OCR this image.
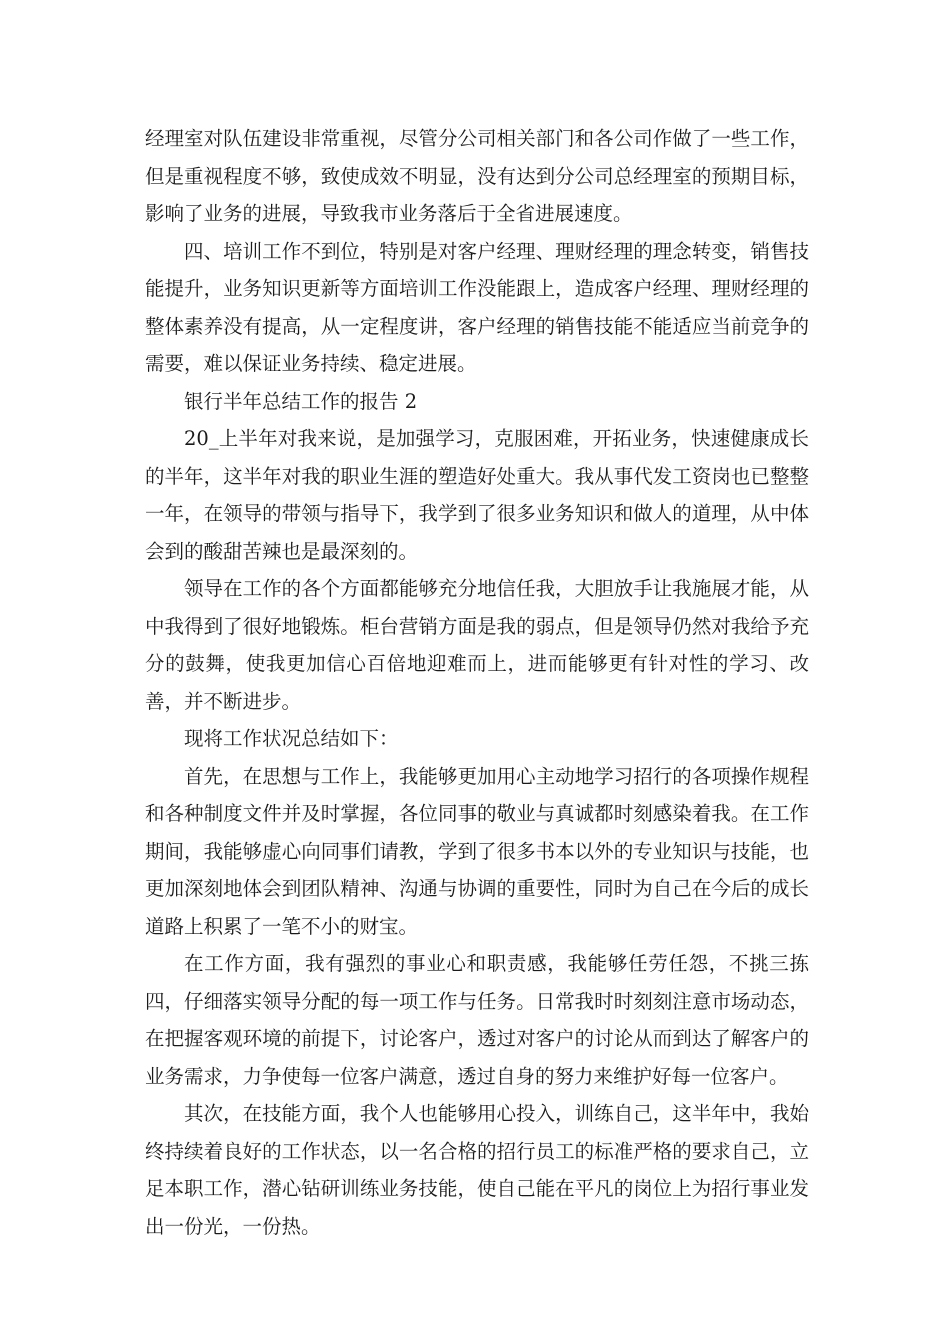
经理室对队伍建设非常重视，尽管分公司相关部门和各公司作做了一些工作，但是重视程度不够，致使成效不明显，没有达到分公司总经理室的预期目标，影响了业务的进展，导致我市业务落后于全省进展速度。

四、培训工作不到位，特别是对客户经理、理财经理的理念转变，销售技能提升，业务知识更新等方面培训工作没能跟上，造成客户经理、理财经理的整体素养没有提高，从一定程度讲，客户经理的销售技能不能适应当前竞争的需要，难以保证业务持续、稳定进展。

银行半年总结工作的报告 2

20_上半年对我来说，是加强学习，克服困难，开拓业务，快速健康成长的半年，这半年对我的职业生涯的塑造好处重大。我从事代发工资岗也已整整一年，在领导的带领与指导下，我学到了很多业务知识和做人的道理，从中体会到的酸甜苦辣也是最深刻的。

领导在工作的各个方面都能够充分地信任我，大胆放手让我施展才能，从中我得到了很好地锻炼。柜台营销方面是我的弱点，但是领导仍然对我给予充分的鼓舞，使我更加信心百倍地迎难而上，进而能够更有针对性的学习、改善，并不断进步。

现将工作状况总结如下：

首先，在思想与工作上，我能够更加用心主动地学习招行的各项操作规程和各种制度文件并及时掌握，各位同事的敬业与真诚都时刻感染着我。在工作期间，我能够虚心向同事们请教，学到了很多书本以外的专业知识与技能，也更加深刻地体会到团队精神、沟通与协调的重要性，同时为自己在今后的成长道路上积累了一笔不小的财宝。

在工作方面，我有强烈的事业心和职责感，我能够任劳任怨，不挑三拣四，仔细落实领导分配的每一项工作与任务。日常我时时刻刻注意市场动态，在把握客观环境的前提下，讨论客户，透过对客户的讨论从而到达了解客户的业务需求，力争使每一位客户满意，透过自身的努力来维护好每一位客户。

其次，在技能方面，我个人也能够用心投入，训练自己，这半年中，我始终持续着良好的工作状态，以一名合格的招行员工的标准严格的要求自己，立足本职工作，潜心钻研训练业务技能，使自己能在平凡的岗位上为招行事业发出一份光，一份热。
